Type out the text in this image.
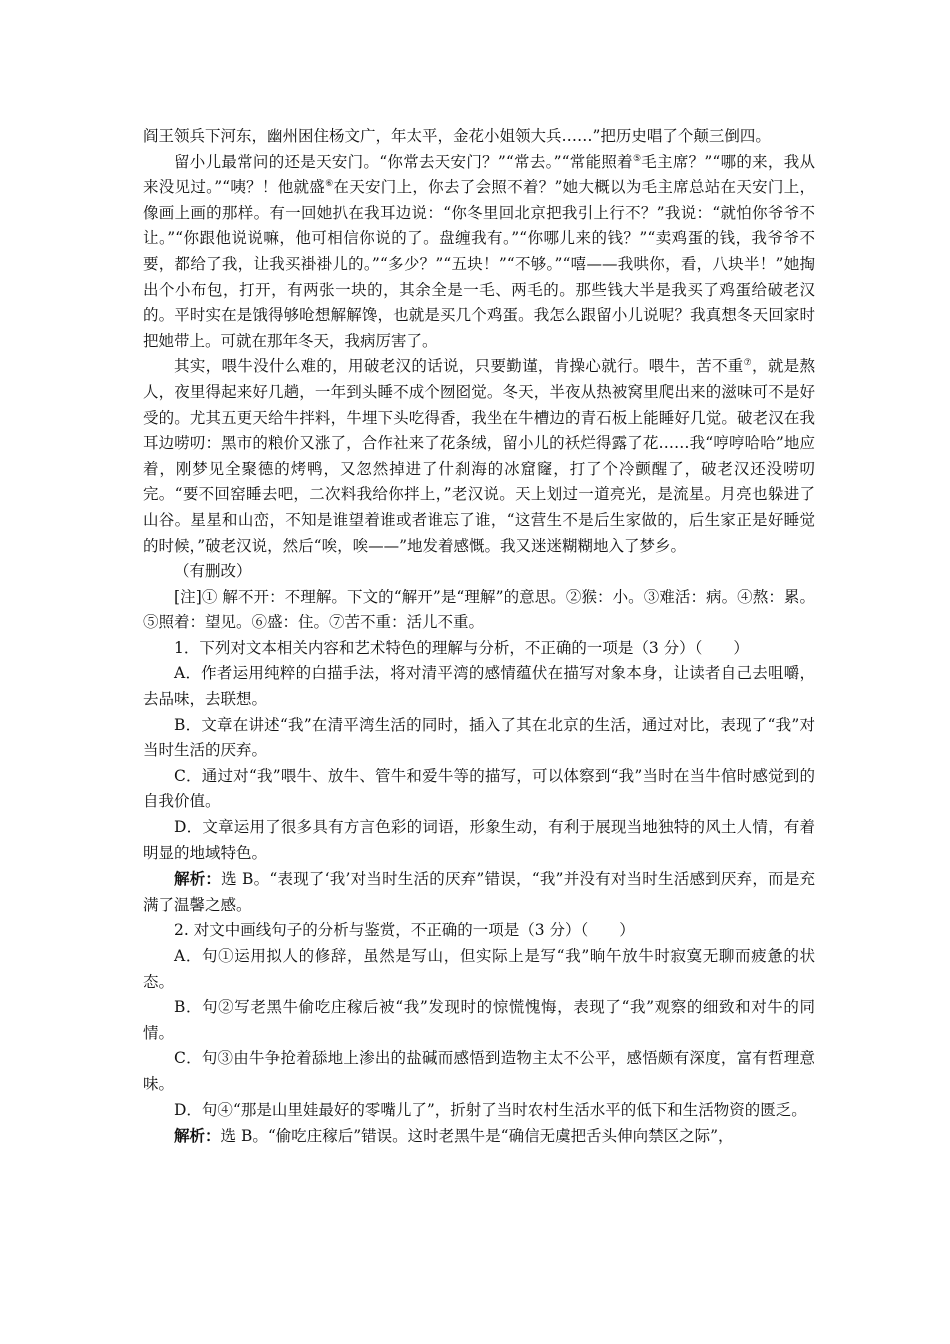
阎王领兵下河东，幽州困住杨文广，年太平，金花小姐领大兵……”把历史唱了个颠三倒四。

留小儿最常问的还是天安门。“你常去天安门？”“常去。”“常能照着⑤毛主席？”“哪的来，我从来没见过。”“咦？！他就盛⑥在天安门上，你去了会照不着？”她大概以为毛主席总站在天安门上，像画上画的那样。有一回她扒在我耳边说：“你冬里回北京把我引上行不？”我说：“就怕你爷爷不让。”“你跟他说说嘛，他可相信你说的了。盘缠我有。”“你哪儿来的钱？”“卖鸡蛋的钱，我爷爷不要，都给了我，让我买褂褂儿的。”“多少？”“五块！”“不够。”“嘻——我哄你，看，八块半！”她掏出个小布包，打开，有两张一块的，其余全是一毛、两毛的。那些钱大半是我买了鸡蛋给破老汉的。平时实在是饿得够呛想解解馋，也就是买几个鸡蛋。我怎么跟留小儿说呢？我真想冬天回家时把她带上。可就在那年冬天，我病厉害了。

其实，喂牛没什么难的，用破老汉的话说，只要勤谨，肯操心就行。喂牛，苦不重⑦，就是熬人，夜里得起来好几趟，一年到头睡不成个囫囵觉。冬天，半夜从热被窝里爬出来的滋味可不是好受的。尤其五更天给牛拌料，牛埋下头吃得香，我坐在牛槽边的青石板上能睡好几觉。破老汉在我耳边唠叨：黑市的粮价又涨了，合作社来了花条绒，留小儿的袄烂得露了花……我“哼哼哈哈”地应着，刚梦见全聚德的烤鸭，又忽然掉进了什刹海的冰窟窿，打了个冷颤醒了，破老汉还没唠叨完。“要不回窑睡去吧，二次料我给你拌上，”老汉说。天上划过一道亮光，是流星。月亮也躲进了山谷。星星和山峦，不知是谁望着谁或者谁忘了谁，“这营生不是后生家做的，后生家正是好睡觉的时候，”破老汉说，然后“唉，唉——”地发着感慨。我又迷迷糊糊地入了梦乡。

（有删改）

[注]① 解不开：不理解。下文的“解开”是“理解”的意思。②猴：小。③难活：病。④熬：累。⑤照着：望见。⑥盛：住。⑦苦不重：活儿不重。

1．下列对文本相关内容和艺术特色的理解与分析，不正确的一项是（3 分）（　　）

A．作者运用纯粹的白描手法，将对清平湾的感情蕴伏在描写对象本身，让读者自己去咀嚼，去品味，去联想。

B．文章在讲述“我”在清平湾生活的同时，插入了其在北京的生活，通过对比，表现了“我”对当时生活的厌弃。

C．通过对“我”喂牛、放牛、管牛和爱牛等的描写，可以体察到“我”当时在当牛倌时感觉到的自我价值。

D．文章运用了很多具有方言色彩的词语，形象生动，有利于展现当地独特的风土人情，有着明显的地域特色。

解析：选 B。“表现了‘我’对当时生活的厌弃”错误，“我”并没有对当时生活感到厌弃，而是充满了温馨之感。

2. 对文中画线句子的分析与鉴赏，不正确的一项是（3 分）（　　）

A．句①运用拟人的修辞，虽然是写山，但实际上是写“我”晌午放牛时寂寞无聊而疲惫的状态。

B．句②写老黑牛偷吃庄稼后被“我”发现时的惊慌愧悔，表现了“我”观察的细致和对牛的同情。

C．句③由牛争抢着舔地上渗出的盐碱而感悟到造物主太不公平，感悟颇有深度，富有哲理意味。

D．句④“那是山里娃最好的零嘴儿了”，折射了当时农村生活水平的低下和生活物资的匮乏。

解析：选 B。“偷吃庄稼后”错误。这时老黑牛是“确信无虞把舌头伸向禁区之际”，
